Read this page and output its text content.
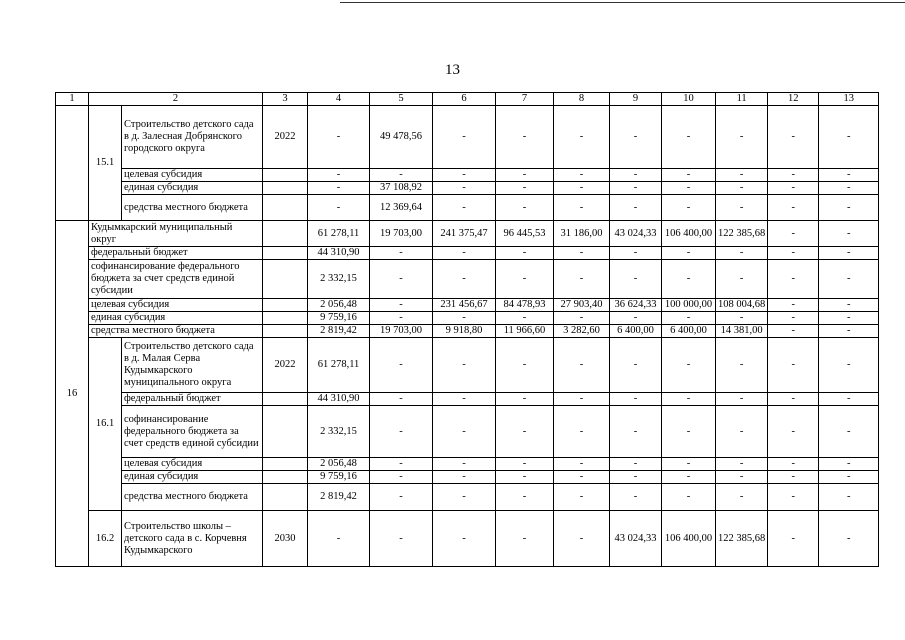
13
1	2		3	4	5	6	7	8	9	10	11	12	13
	15.1	Строительство детского сада в д. Залесная Добрянского городского округа	2022	-	49 478,56	-	-	-	-	-	-	-	-
		целевая субсидия		-	-	-	-	-	-	-	-	-	-
		единая субсидия		-	37 108,92	-	-	-	-	-	-	-	-
		средства местного бюджета		-	12 369,64	-	-	-	-	-	-	-	-
16	Кудымкарский муниципальный округ			61 278,11	19 703,00	241 375,47	96 445,53	31 186,00	43 024,33	106 400,00	122 385,68	-	-
	федеральный бюджет			44 310,90	-	-	-	-	-	-	-	-	-
	софинансирование федерального бюджета за счет средств единой субсидии			2 332,15	-	-	-	-	-	-	-	-	-
	целевая субсидия			2 056,48	-	231 456,67	84 478,93	27 903,40	36 624,33	100 000,00	108 004,68	-	-
	единая субсидия			9 759,16	-	-	-	-	-	-	-	-	-
	средства местного бюджета			2 819,42	19 703,00	9 918,80	11 966,60	3 282,60	6 400,00	6 400,00	14 381,00	-	-
	16.1	Строительство детского сада в д. Малая Серва Кудымкарского муниципального округа	2022	61 278,11	-	-	-	-	-	-	-	-	-
		федеральный бюджет		44 310,90	-	-	-	-	-	-	-	-	-
		софинансирование федерального бюджета за счет средств единой субсидии		2 332,15	-	-	-	-	-	-	-	-	-
		целевая субсидия		2 056,48	-	-	-	-	-	-	-	-	-
		единая субсидия		9 759,16	-	-	-	-	-	-	-	-	-
		средства местного бюджета		2 819,42	-	-	-	-	-	-	-	-	-
	16.2	Строительство школы – детского сада в с. Корчевня Кудымкарского	2030	-	-	-	-	-	43 024,33	106 400,00	122 385,68	-	-
